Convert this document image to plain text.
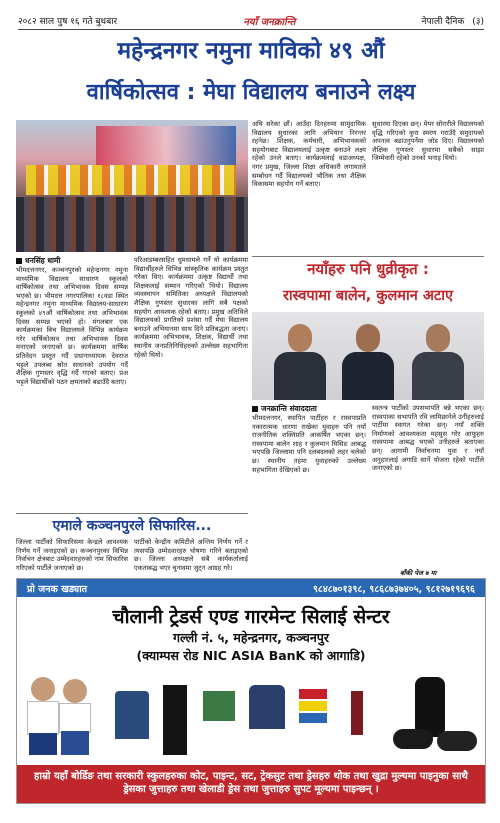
२०८२ साल पुष १६ गते बुधबार	नयाँ जनक्रान्ति	नेपाली दैनिक (३)
महेन्द्रनगर नमुना माविको ४९ औं
वार्षिकोत्सव : मेघा विद्यालय बनाउने लक्ष्य
धनसिंह धामी
भीमदत्तनगर, कञ्चनपुरको महेन्द्रनगर नमुना माध्यमिक विद्यालय साधारण स्कूलको वार्षिकोत्सव तथा अभिभावक दिवस सम्पन्न भएको छ। भीमदत्त नगरपालिका १८वडा स्थित महेन्द्रनगर नमुना माध्यमिक विद्यालय-साधारण स्कूलको ४९औं वार्षिकोत्सव तथा अभिभावक दिवस सम्पन्न भएको हो। मंगलबार एक कार्यक्रमका बिच विद्यालयले विभिन्न कार्यक्रम गरेर वार्षिकोत्सव तथा अभिभावक दिवस मनाएको जनाएको छ। कार्यक्रममा वार्षिक प्रतिवेदन प्रस्तुत गर्दै प्रधानाध्यापक देवराज भट्टले उपलब्ध स्रोत साधनको उपयोग गर्दै शैक्षिक गुणस्तर वृद्धि गर्दै गएको बताए। प्रअ भट्टले विद्यार्थीको पठन क्षमताको बढाउँदै बताए।
परिआडम्बरसहित धुमधामले गर्ने यो कार्यक्रममा विद्यार्थीहरुले विभिन्न सांस्कृतिक कार्यक्रम प्रस्तुत गरेका थिए। कार्यक्रममा उत्कृष्ट विद्यार्थी तथा शिक्षकलाई सम्मान गरिएको थियो। विद्यालय व्यवस्थापन समितिका अध्यक्षले विद्यालयको शैक्षिक गुणस्तर सुधारका लागि सबै पक्षको सहयोग आवश्यक रहेको बताए। प्रमुख अतिथिले विद्यालयको प्रगतिको प्रशंसा गर्दै मेघा विद्यालय बनाउने अभियानमा साथ दिने प्रतिबद्धता जनाए। कार्यक्रममा अभिभावक, शिक्षक, विद्यार्थी तथा स्थानीय जनप्रतिनिधिहरुको उल्लेख्य सहभागिता रहेको थियो।
अघि सरेका छौं। आउँदा दिनहरुमा सामुदायिक विद्यालय सुधारका लागि अभियान निरन्तर रहनेछ। शिक्षक, कर्मचारी, अभिभावकको सहयोगबाट विद्यालयलाई उत्कृष्ट बनाउने लक्ष्य रहेको उनले बताए। कार्यक्रमलाई वडाअध्यक्ष, नगर प्रमुख, जिल्ला शिक्षा अधिकारी लगायतले सम्बोधन गर्दै विद्यालयको भौतिक तथा शैक्षिक विकासमा सहयोग गर्ने बताए।
सुधारमा दिएका छन्। मेयर सोरारीले विद्यालयको वृद्धि गरिएको कुरा स्मरण गराउँदै समुदायको अपनत्व बढाउनुपर्नेमा जोड दिए। विद्यालयको शैक्षिक गुणस्तर सुधारमा सबैको साझा जिम्मेवारी रहेको उनको भनाइ थियो।
नयाँहरु पनि धुव्रीकृत :
रास्वपामा बालेन, कुलमान अटाए
जनक्रान्ति संवाददाता
भीमदत्तनगर, स्थापित पार्टीहरु र रास्वपाप्रति नकारात्मक धारणा राखेका युवाहरु पनि नयाँ राजनीतिक शक्तिप्रति आकर्षित भएका छन्। रास्वपामा बालेन शाह र कुलमान घिसिङ आबद्ध भएपछि जिल्लामा पनि दलबदलको लहर चलेको छ। स्थानीय तहमा युवाहरुको उल्लेख्य सहभागिता देखिएको छ।
स्वतन्त्र पार्टीको उपसभापति बन्ने भएका छन्। रास्वपाका सभापति रवि लामिछानेले उनीहरुलाई पार्टीमा स्वागत गरेका छन्। नयाँ शक्ति निर्माणको आवश्यकता महसुस गरेर आफूहरु रास्वपामा आबद्ध भएको उनीहरुले बताएका छन्। आगामी निर्वाचनमा युवा र नयाँ अनुहारलाई अगाडि सार्ने योजना रहेको पार्टीले जनाएको छ।
बाँकी पेज ७ मा
एमाले कञ्चनपुरले सिफारिस...
जिल्ला पार्टीको सिफारिसमा केन्द्रले आवश्यक निर्णय गर्ने जनाइएको छ। कञ्चनपुरका विभिन्न निर्वाचन क्षेत्रबाट उम्मेदवारहरुको नाम सिफारिस गरिएको पार्टीले जनाएको छ।
पार्टीको केन्द्रीय कमिटीले अन्तिम निर्णय गर्ने र त्यसपछि उम्मेदवारहरु घोषणा गरिने बताइएको छ। जिल्ला अध्यक्षले सबै कार्यकर्तालाई एकताबद्ध भएर चुनावमा जुट्न आग्रह गरे।
प्रो जनक खड्यात	९८४८७०१३९८, ९८६८७३७४०५, ९८१२७१९६९६
चौलानी ट्रेडर्स एण्ड गारमेन्ट सिलाई सेन्टर
गल्ली नं. ५, महेन्द्रनगर, कञ्चनपुर
(क्याम्पस रोड NIC ASIA BanK को आगाडि)
हाम्रो यहाँ बोर्डिङ तथा सरकारी स्कुलहरुका कोट, पाइन्ट, सट, ट्रेकसुट तथा ड्रेसहरु थोक तथा खुद्रा मुल्यमा पाइनुका साथै ड्रेसका जुत्ताहरु तथा खेलाडी ड्रेस तथा जुत्ताहरु सुपट मूल्यमा पाइन्छन् ।
